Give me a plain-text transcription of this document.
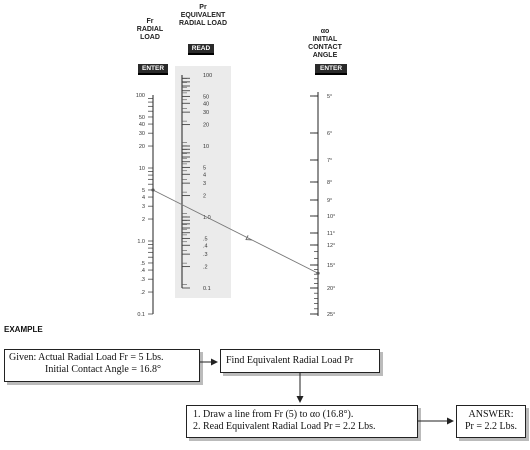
100
50
40
30
20
10
5
4
3
2
1.0
.5
.4
.3
.2
0.1
100
50
40
30
20
10
5
4
3
2
1.0
.5
.4
.3
.2
0.1
5°
6°
7°
8°
9°
10°
11°
12°
15°
20°
25°
Fr
RADIAL
LOAD
ENTER
Pr
EQUIVALENT
RADIAL LOAD
READ
αo
INITIAL
CONTACT
ANGLE
ENTER
EXAMPLE
Given: Actual Radial Load Fr = 5 Lbs.
Initial Contact Angle = 16.8°
Find Equivalent Radial Load Pr
1. Draw a line from Fr (5) to αo (16.8°).
2. Read Equivalent Radial Load Pr = 2.2 Lbs.
ANSWER:
Pr = 2.2 Lbs.
